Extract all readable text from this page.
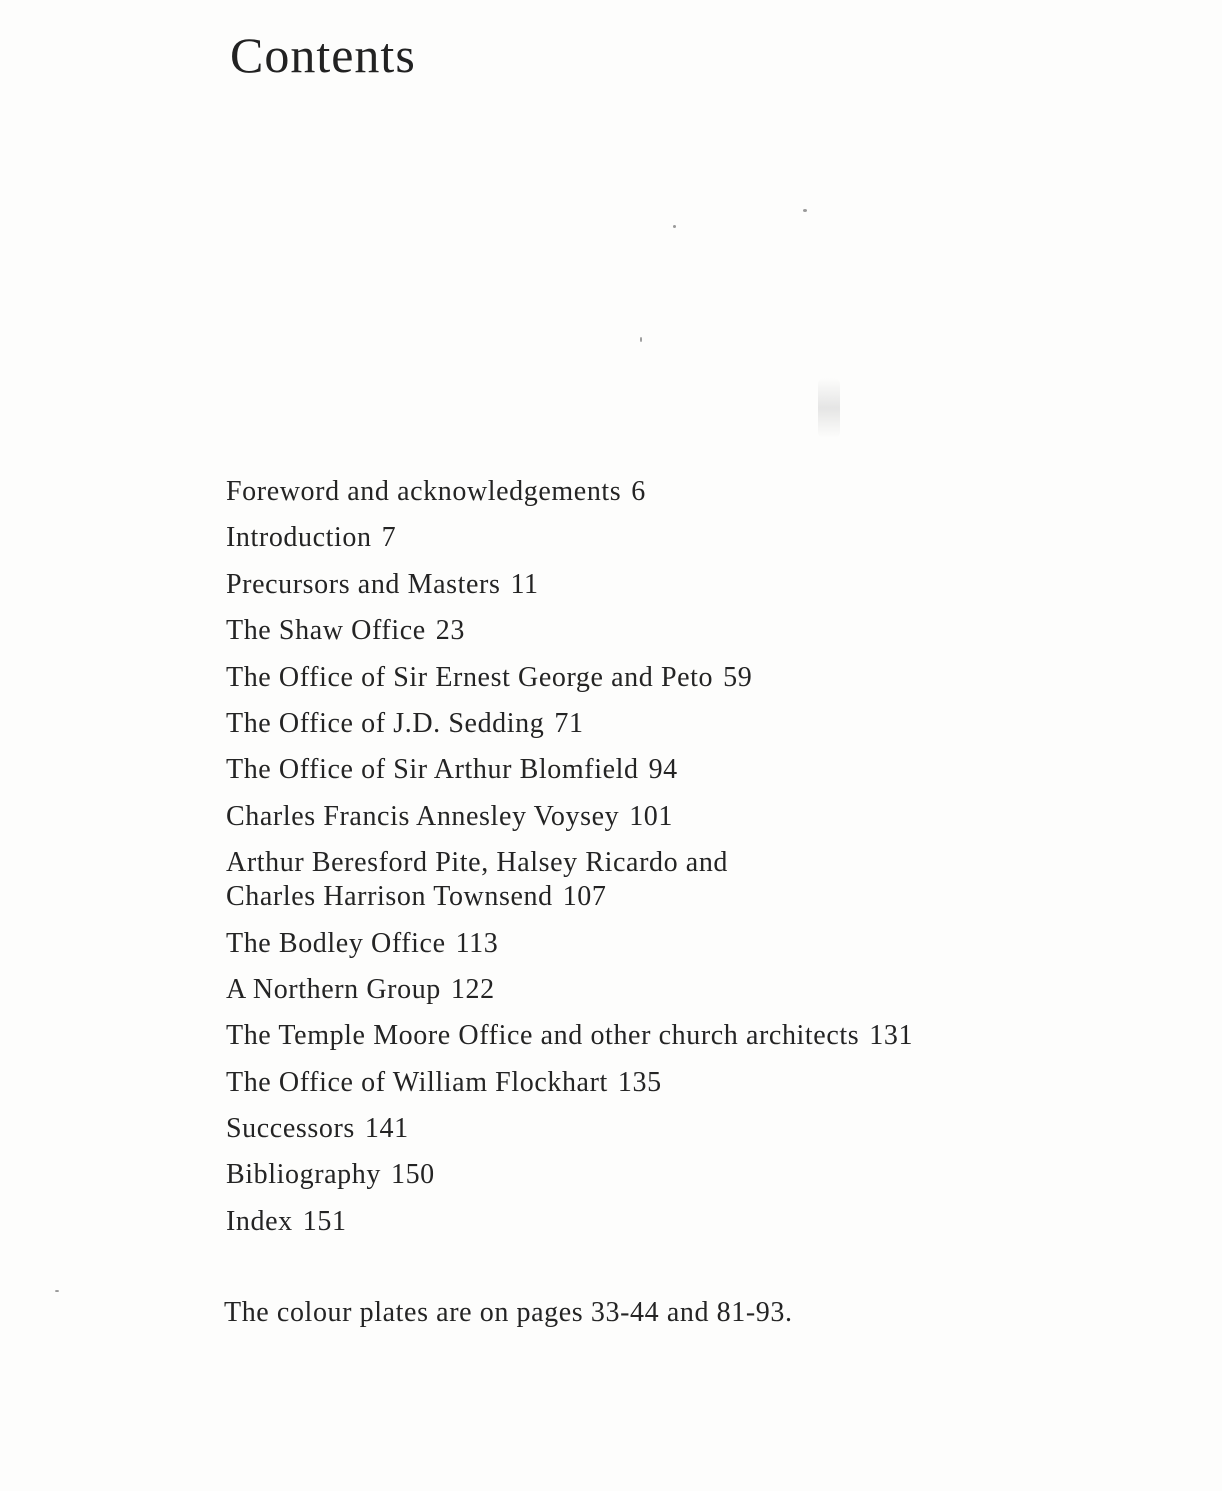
Contents
Foreword and acknowledgements 6
Introduction 7
Precursors and Masters 11
The Shaw Office 23
The Office of Sir Ernest George and Peto 59
The Office of J.D. Sedding 71
The Office of Sir Arthur Blomfield 94
Charles Francis Annesley Voysey 101
Arthur Beresford Pite, Halsey Ricardo and
Charles Harrison Townsend 107
The Bodley Office 113
A Northern Group 122
The Temple Moore Office and other church architects 131
The Office of William Flockhart 135
Successors 141
Bibliography 150
Index 151

The colour plates are on pages 33-44 and 81-93.
